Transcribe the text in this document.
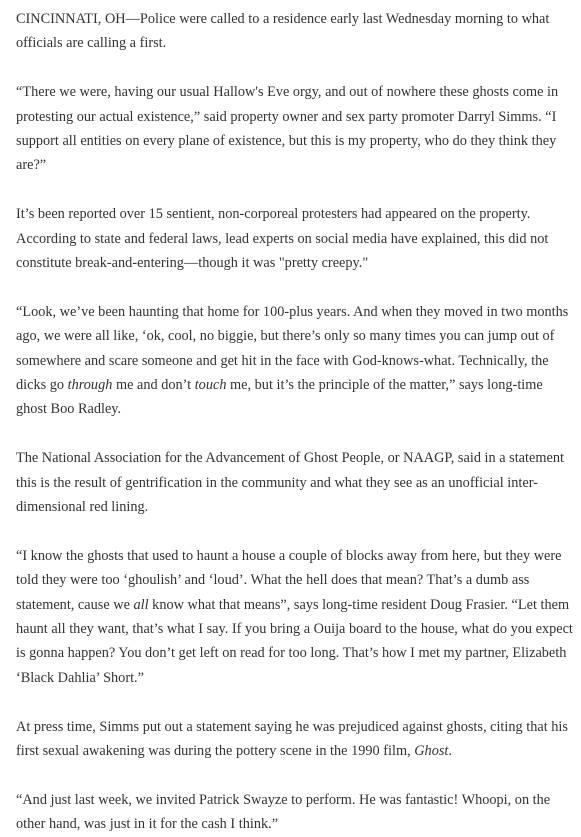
CINCINNATI, OH—Police were called to a residence early last Wednesday morning to what officials are calling a first.

“There we were, having our usual Hallow's Eve orgy, and out of nowhere these ghosts come in protesting our actual existence,” said property owner and sex party promoter Darryl Simms. “I support all entities on every plane of existence, but this is my property, who do they think they are?”

It’s been reported over 15 sentient, non-corporeal protesters had appeared on the property. According to state and federal laws, lead experts on social media have explained, this did not constitute break-and-entering—though it was "pretty creepy."

“Look, we’ve been haunting that home for 100-plus years. And when they moved in two months ago, we were all like, ‘ok, cool, no biggie, but there’s only so many times you can jump out of somewhere and scare someone and get hit in the face with God-knows-what. Technically, the dicks go through me and don’t touch me, but it’s the principle of the matter,” says long-time ghost Boo Radley.

The National Association for the Advancement of Ghost People, or NAAGP, said in a statement this is the result of gentrification in the community and what they see as an unofficial inter-dimensional red lining.

“I know the ghosts that used to haunt a house a couple of blocks away from here, but they were told they were too ‘ghoulish’ and ‘loud’. What the hell does that mean? That’s a dumb ass statement, cause we all know what that means”, says long-time resident Doug Frasier. “Let them haunt all they want, that’s what I say. If you bring a Ouija board to the house, what do you expect is gonna happen? You don’t get left on read for too long. That’s how I met my partner, Elizabeth ‘Black Dahlia’ Short.”

At press time, Simms put out a statement saying he was prejudiced against ghosts, citing that his first sexual awakening was during the pottery scene in the 1990 film, Ghost.

“And just last week, we invited Patrick Swayze to perform. He was fantastic! Whoopi, on the other hand, was just in it for the cash I think.”
